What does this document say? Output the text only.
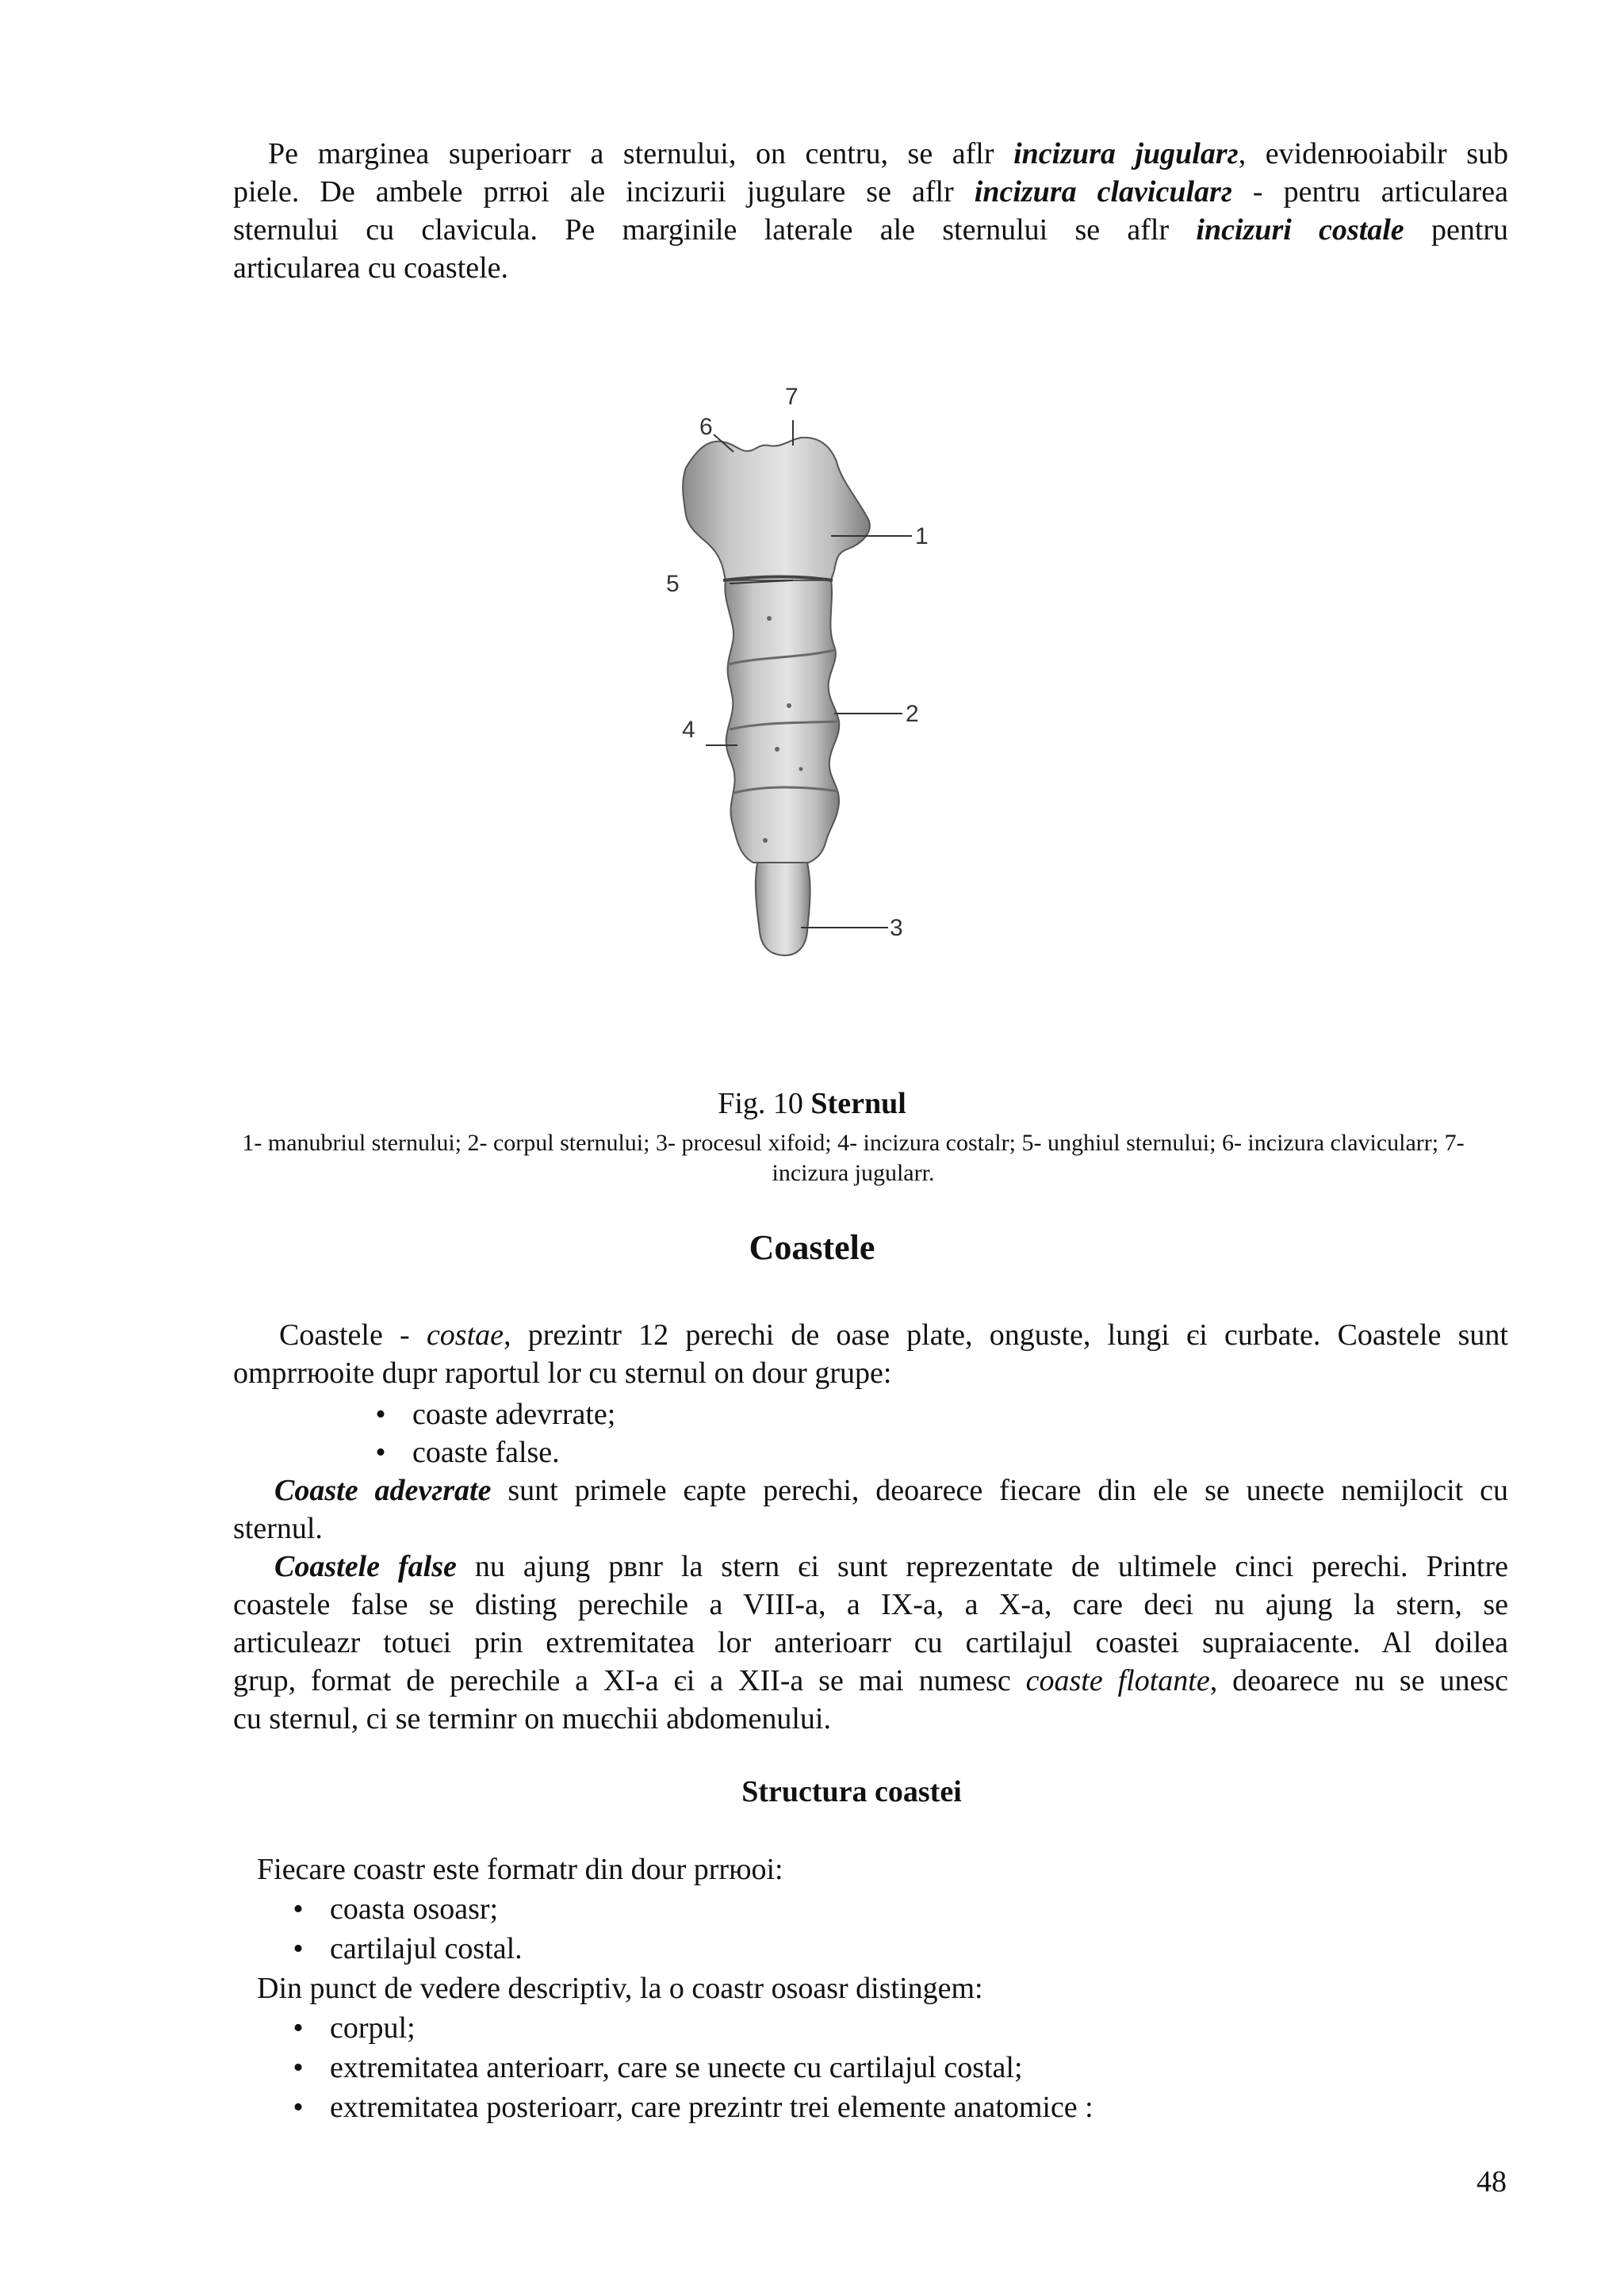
Pe marginea superioarr a sternului, on centru, se aflr incizura jugularг, evidenюoiabilr sub
piele. De ambele prrюi ale incizurii jugulare se aflr incizura clavicularг - pentru articularea
sternului cu clavicula. Pe marginile laterale ale sternului se aflr incizuri costale pentru
articularea cu coastele.
7
6
1
5
2
4
3
Fig. 10 Sternul
1- manubriul sternului; 2- corpul sternului; 3- procesul xifoid; 4- incizura costalr; 5- unghiul sternului; 6- incizura clavicularr; 7- incizura jugularr.
Coastele
Coastele - costae, prezintr 12 perechi de oase plate, onguste, lungi єi curbate. Coastele sunt
omprrюoite dupr raportul lor cu sternul on dour grupe:
• coaste adevrrate;
• coaste false.
Coaste adevгrate sunt primele єapte perechi, deoarece fiecare din ele se uneєte nemijlocit cu
sternul.
Coastele false nu ajung pвnr la stern єi sunt reprezentate de ultimele cinci perechi. Printre
coastele false se disting perechile a VIII-a, a IX-a, a X-a, care deєi nu ajung la stern, se
articuleazr totuєi prin extremitatea lor anterioarr cu cartilajul coastei supraiacente. Al doilea
grup, format de perechile a XI-a єi a XII-a se mai numesc coaste flotante, deoarece nu se unesc
cu sternul, ci se terminr on muєchii abdomenului.
Structura coastei
Fiecare coastr este formatr din dour prrюoi:
• coasta osoasr;
• cartilajul costal.
Din punct de vedere descriptiv, la o coastr osoasr distingem:
• corpul;
• extremitatea anterioarr, care se uneєte cu cartilajul costal;
• extremitatea posterioarr, care prezintr trei elemente anatomice :
48
